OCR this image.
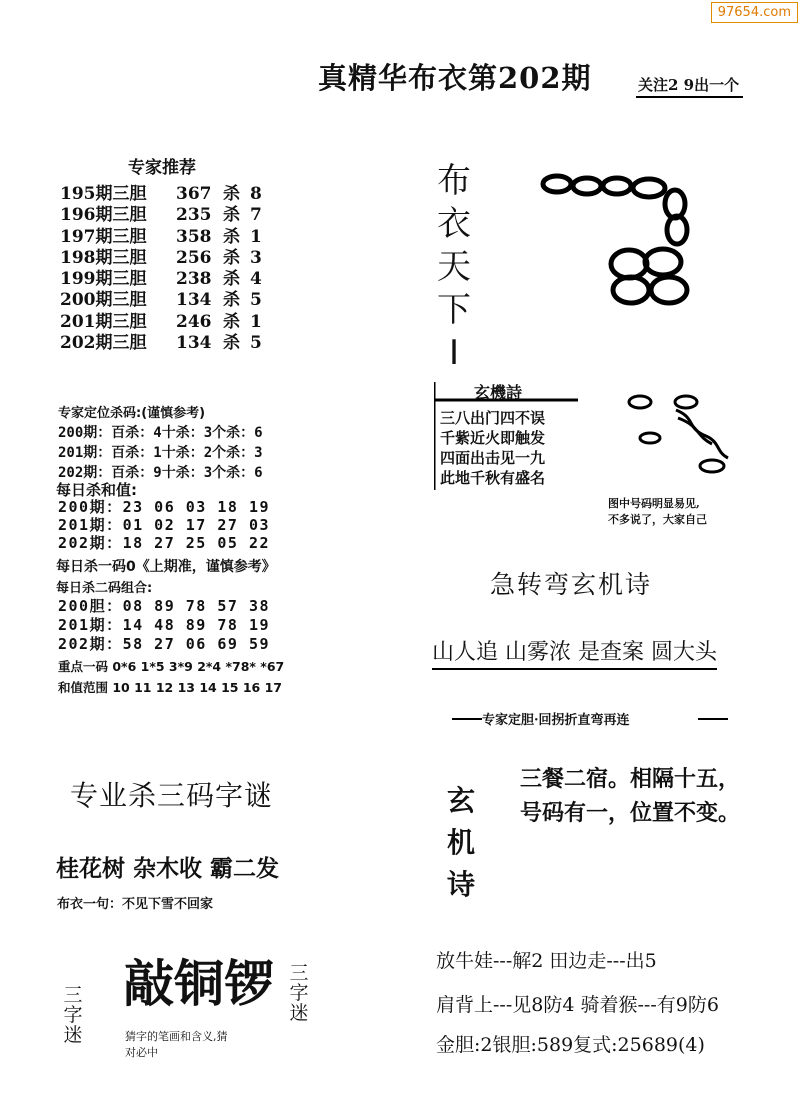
97654.com
真精华布衣第202期	关注2 9出一个
专家推荐
195期三胆 367 杀 8
196期三胆 235 杀 7
197期三胆 358 杀 1
198期三胆 256 杀 3
199期三胆 238 杀 4
200期三胆 134 杀 5
201期三胆 246 杀 1
202期三胆 134 杀 5
专家定位杀码:(谨慎参考)
200期：百杀：4十杀：3个杀：6
201期：百杀：1十杀：2个杀：3
202期：百杀：9十杀：3个杀：6
每日杀和值:
200期：23 06 03 18 19
201期：01 02 17 27 03
202期：18 27 25 05 22
每日杀一码0《上期准，谨慎参考》
每日杀二码组合:
200胆：08 89 78 57 38
201期：14 48 89 78 19
202期：58 27 06 69 59
重点一码 0*6 1*5 3*9 2*4 *78* *67
和值范围 10 11 12 13 14 15 16 17
专业杀三码字谜
桂花树 杂木收 霸二发
布衣一句：不见下雪不回家
敲铜锣
三
字
迷
三
字
迷
猜字的笔画和含义,猜
对必中
布
衣
天
下
I
玄機詩
三八出门四不误
千紫近火即触发
四面出击见一九
此地千秋有盛名
图中号码明显易见,
不多说了，大家自己
急转弯玄机诗
山人追 山雾浓 是查案 圆大头
专家定胆·回拐折直弯再连
玄
机
诗
三餐二宿。相隔十五，
号码有一，位置不变。
放牛娃---解2 田边走---出5
肩背上---见8防4 骑着猴---有9防6
金胆:2银胆:589复式:25689(4)
